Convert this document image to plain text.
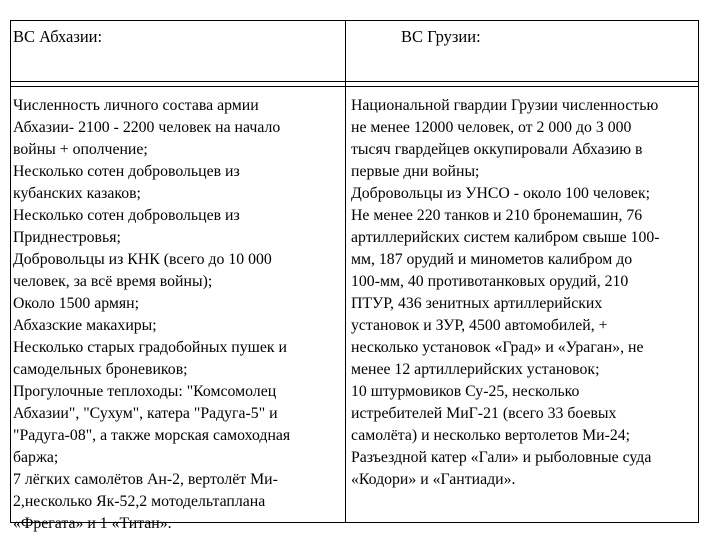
ВС Абхазии:	ВС Грузии:
Численность личного состава армии
Абхазии- 2100 - 2200 человек на начало
войны + ополчение;
Несколько сотен добровольцев из
кубанских казаков;
Несколько сотен добровольцев из
Приднестровья;
Добровольцы из КНК (всего до 10 000
человек, за всё время войны);
Около 1500 армян;
Абхазские макахиры;
Несколько старых градобойных пушек и
самодельных броневиков;
Прогулочные теплоходы: "Комсомолец
Абхазии", "Сухум", катера "Радуга-5" и
"Радуга-08", а также морская самоходная
баржа;
7 лёгких самолётов Ан-2, вертолёт Ми-
2,несколько Як-52,2 мотодельтаплана
«Фрегата» и 1 «Титан».
Национальной гвардии Грузии численностью
не менее 12000 человек, от 2 000 до 3 000
тысяч гвардейцев оккупировали Абхазию в
первые дни войны;
Добровольцы из УНСО - около 100 человек;
Не менее 220 танков и 210 бронемашин, 76
артиллерийских систем калибром свыше 100-
мм, 187 орудий и минометов калибром до
100-мм, 40 противотанковых орудий, 210
ПТУР, 436 зенитных артиллерийских
установок и ЗУР, 4500 автомобилей, +
несколько установок «Град» и «Ураган», не
менее 12 артиллерийских установок;
10 штурмовиков Су-25, несколько
истребителей МиГ-21 (всего 33 боевых
самолёта) и несколько вертолетов Ми-24;
Разъездной катер «Гали» и рыболовные суда
«Кодори» и «Гантиади».
